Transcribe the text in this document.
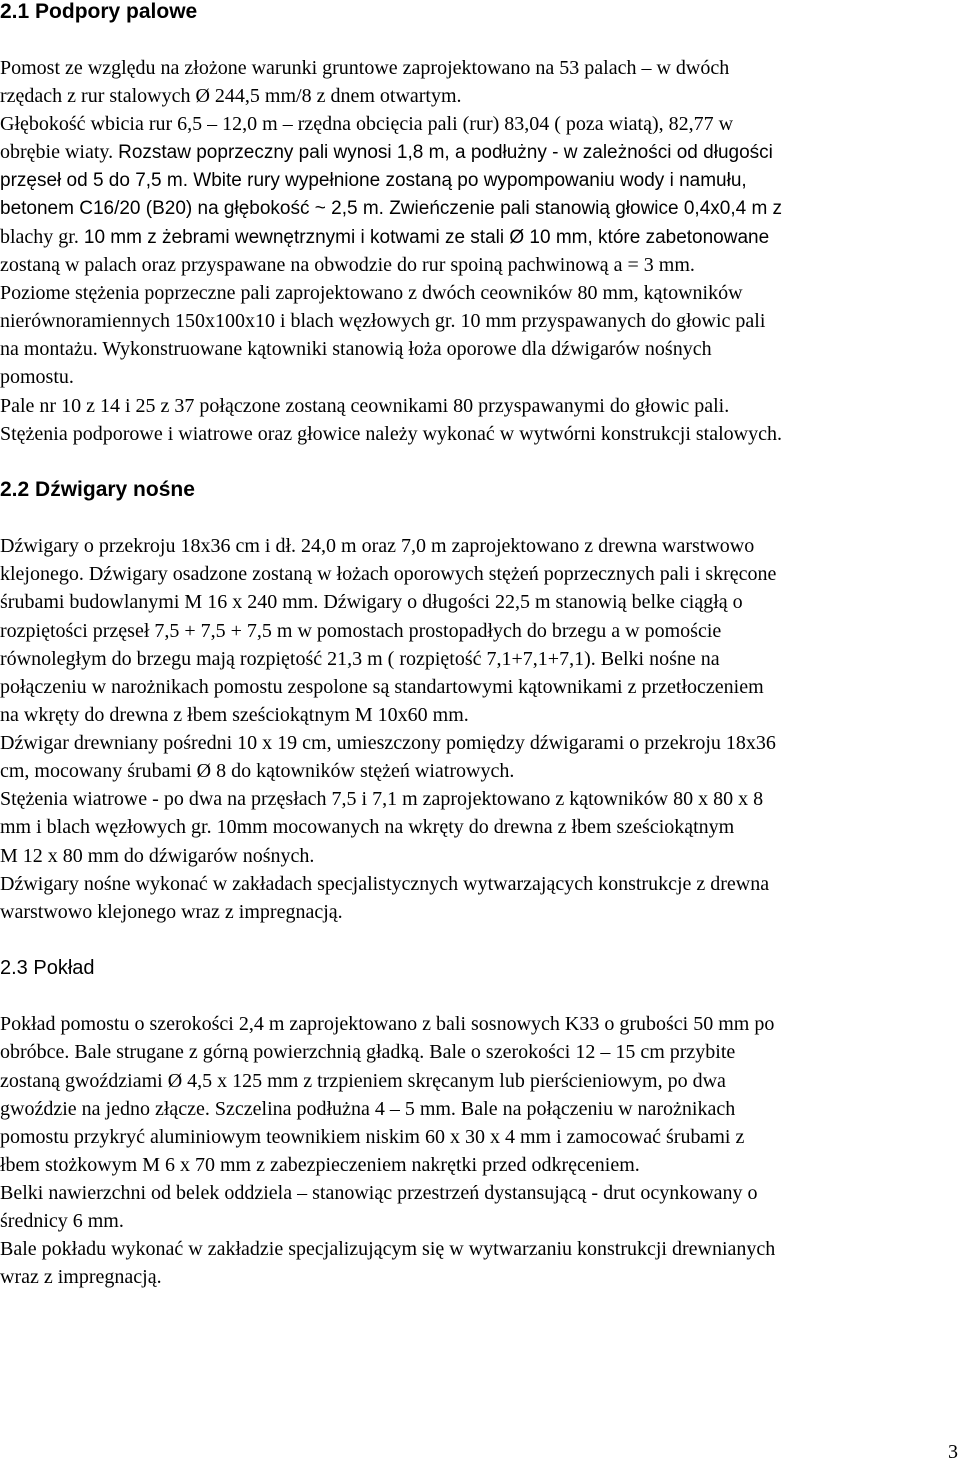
2.1 Podpory palowe
Pomost ze względu na złożone warunki gruntowe zaprojektowano na 53 palach – w dwóch
rzędach z rur stalowych Ø 244,5 mm/8 z dnem otwartym.
Głębokość wbicia rur 6,5 – 12,0 m – rzędna obcięcia pali (rur) 83,04 ( poza wiatą), 82,77 w
obrębie wiaty. Rozstaw poprzeczny pali wynosi 1,8 m, a podłużny - w zależności od długości
przęseł od 5 do 7,5 m. Wbite rury wypełnione zostaną po wypompowaniu wody i namułu,
betonem C16/20 (B20) na głębokość ~ 2,5 m. Zwieńczenie pali stanowią głowice 0,4x0,4 m z
blachy gr. 10 mm z żebrami wewnętrznymi i kotwami ze stali Ø 10 mm, które zabetonowane
zostaną w palach oraz przyspawane na obwodzie do rur spoiną pachwinową a = 3 mm.
Poziome stężenia poprzeczne pali zaprojektowano z dwóch ceowników 80 mm, kątowników
nierównoramiennych 150x100x10 i blach węzłowych gr. 10 mm przyspawanych do głowic pali
na montażu. Wykonstruowane kątowniki stanowią łoża oporowe dla dźwigarów nośnych
pomostu.
Pale nr 10 z 14 i 25 z 37 połączone zostaną ceownikami 80 przyspawanymi do głowic pali.
Stężenia podporowe i wiatrowe oraz głowice należy wykonać w wytwórni konstrukcji stalowych.
2.2 Dźwigary nośne
Dźwigary o przekroju 18x36 cm i dł. 24,0 m oraz 7,0 m zaprojektowano z drewna warstwowo
klejonego. Dźwigary osadzone zostaną w łożach oporowych stężeń poprzecznych pali i skręcone
śrubami budowlanymi M 16 x 240 mm. Dźwigary o długości 22,5 m stanowią belke ciągłą o
rozpiętości przęseł 7,5 + 7,5 + 7,5 m w pomostach prostopadłych do brzegu a w pomoście
równoległym do brzegu mają rozpiętość 21,3 m ( rozpiętość 7,1+7,1+7,1). Belki nośne na
połączeniu w narożnikach pomostu zespolone są standartowymi kątownikami z przetłoczeniem
na wkręty do drewna z łbem sześciokątnym M 10x60 mm.
Dźwigar drewniany pośredni 10 x 19 cm, umieszczony pomiędzy dźwigarami o przekroju 18x36
cm, mocowany śrubami Ø 8 do kątowników stężeń wiatrowych.
Stężenia wiatrowe - po dwa na przęsłach 7,5 i 7,1 m zaprojektowano z kątowników 80 x 80 x 8
mm i blach węzłowych gr. 10mm mocowanych na wkręty do drewna z łbem sześciokątnym
M 12 x 80 mm do dźwigarów nośnych.
Dźwigary nośne wykonać w zakładach specjalistycznych wytwarzających konstrukcje z drewna
warstwowo klejonego wraz z impregnacją.
2.3 Pokład
Pokład pomostu o szerokości 2,4 m zaprojektowano z bali sosnowych K33 o grubości 50 mm po
obróbce. Bale strugane z górną powierzchnią gładką. Bale o szerokości 12 – 15 cm przybite
zostaną gwoździami Ø 4,5 x 125 mm z trzpieniem skręcanym lub pierścieniowym, po dwa
gwoździe na jedno złącze. Szczelina podłużna 4 – 5 mm. Bale na połączeniu w narożnikach
pomostu przykryć aluminiowym teownikiem niskim 60 x 30 x 4 mm i zamocować śrubami z
łbem stożkowym M 6 x 70 mm z zabezpieczeniem nakrętki przed odkręceniem.
Belki nawierzchni od belek oddziela – stanowiąc przestrzeń dystansującą - drut ocynkowany o
średnicy 6 mm.
Bale pokładu wykonać w zakładzie specjalizującym się w wytwarzaniu konstrukcji drewnianych
wraz z impregnacją.
3
